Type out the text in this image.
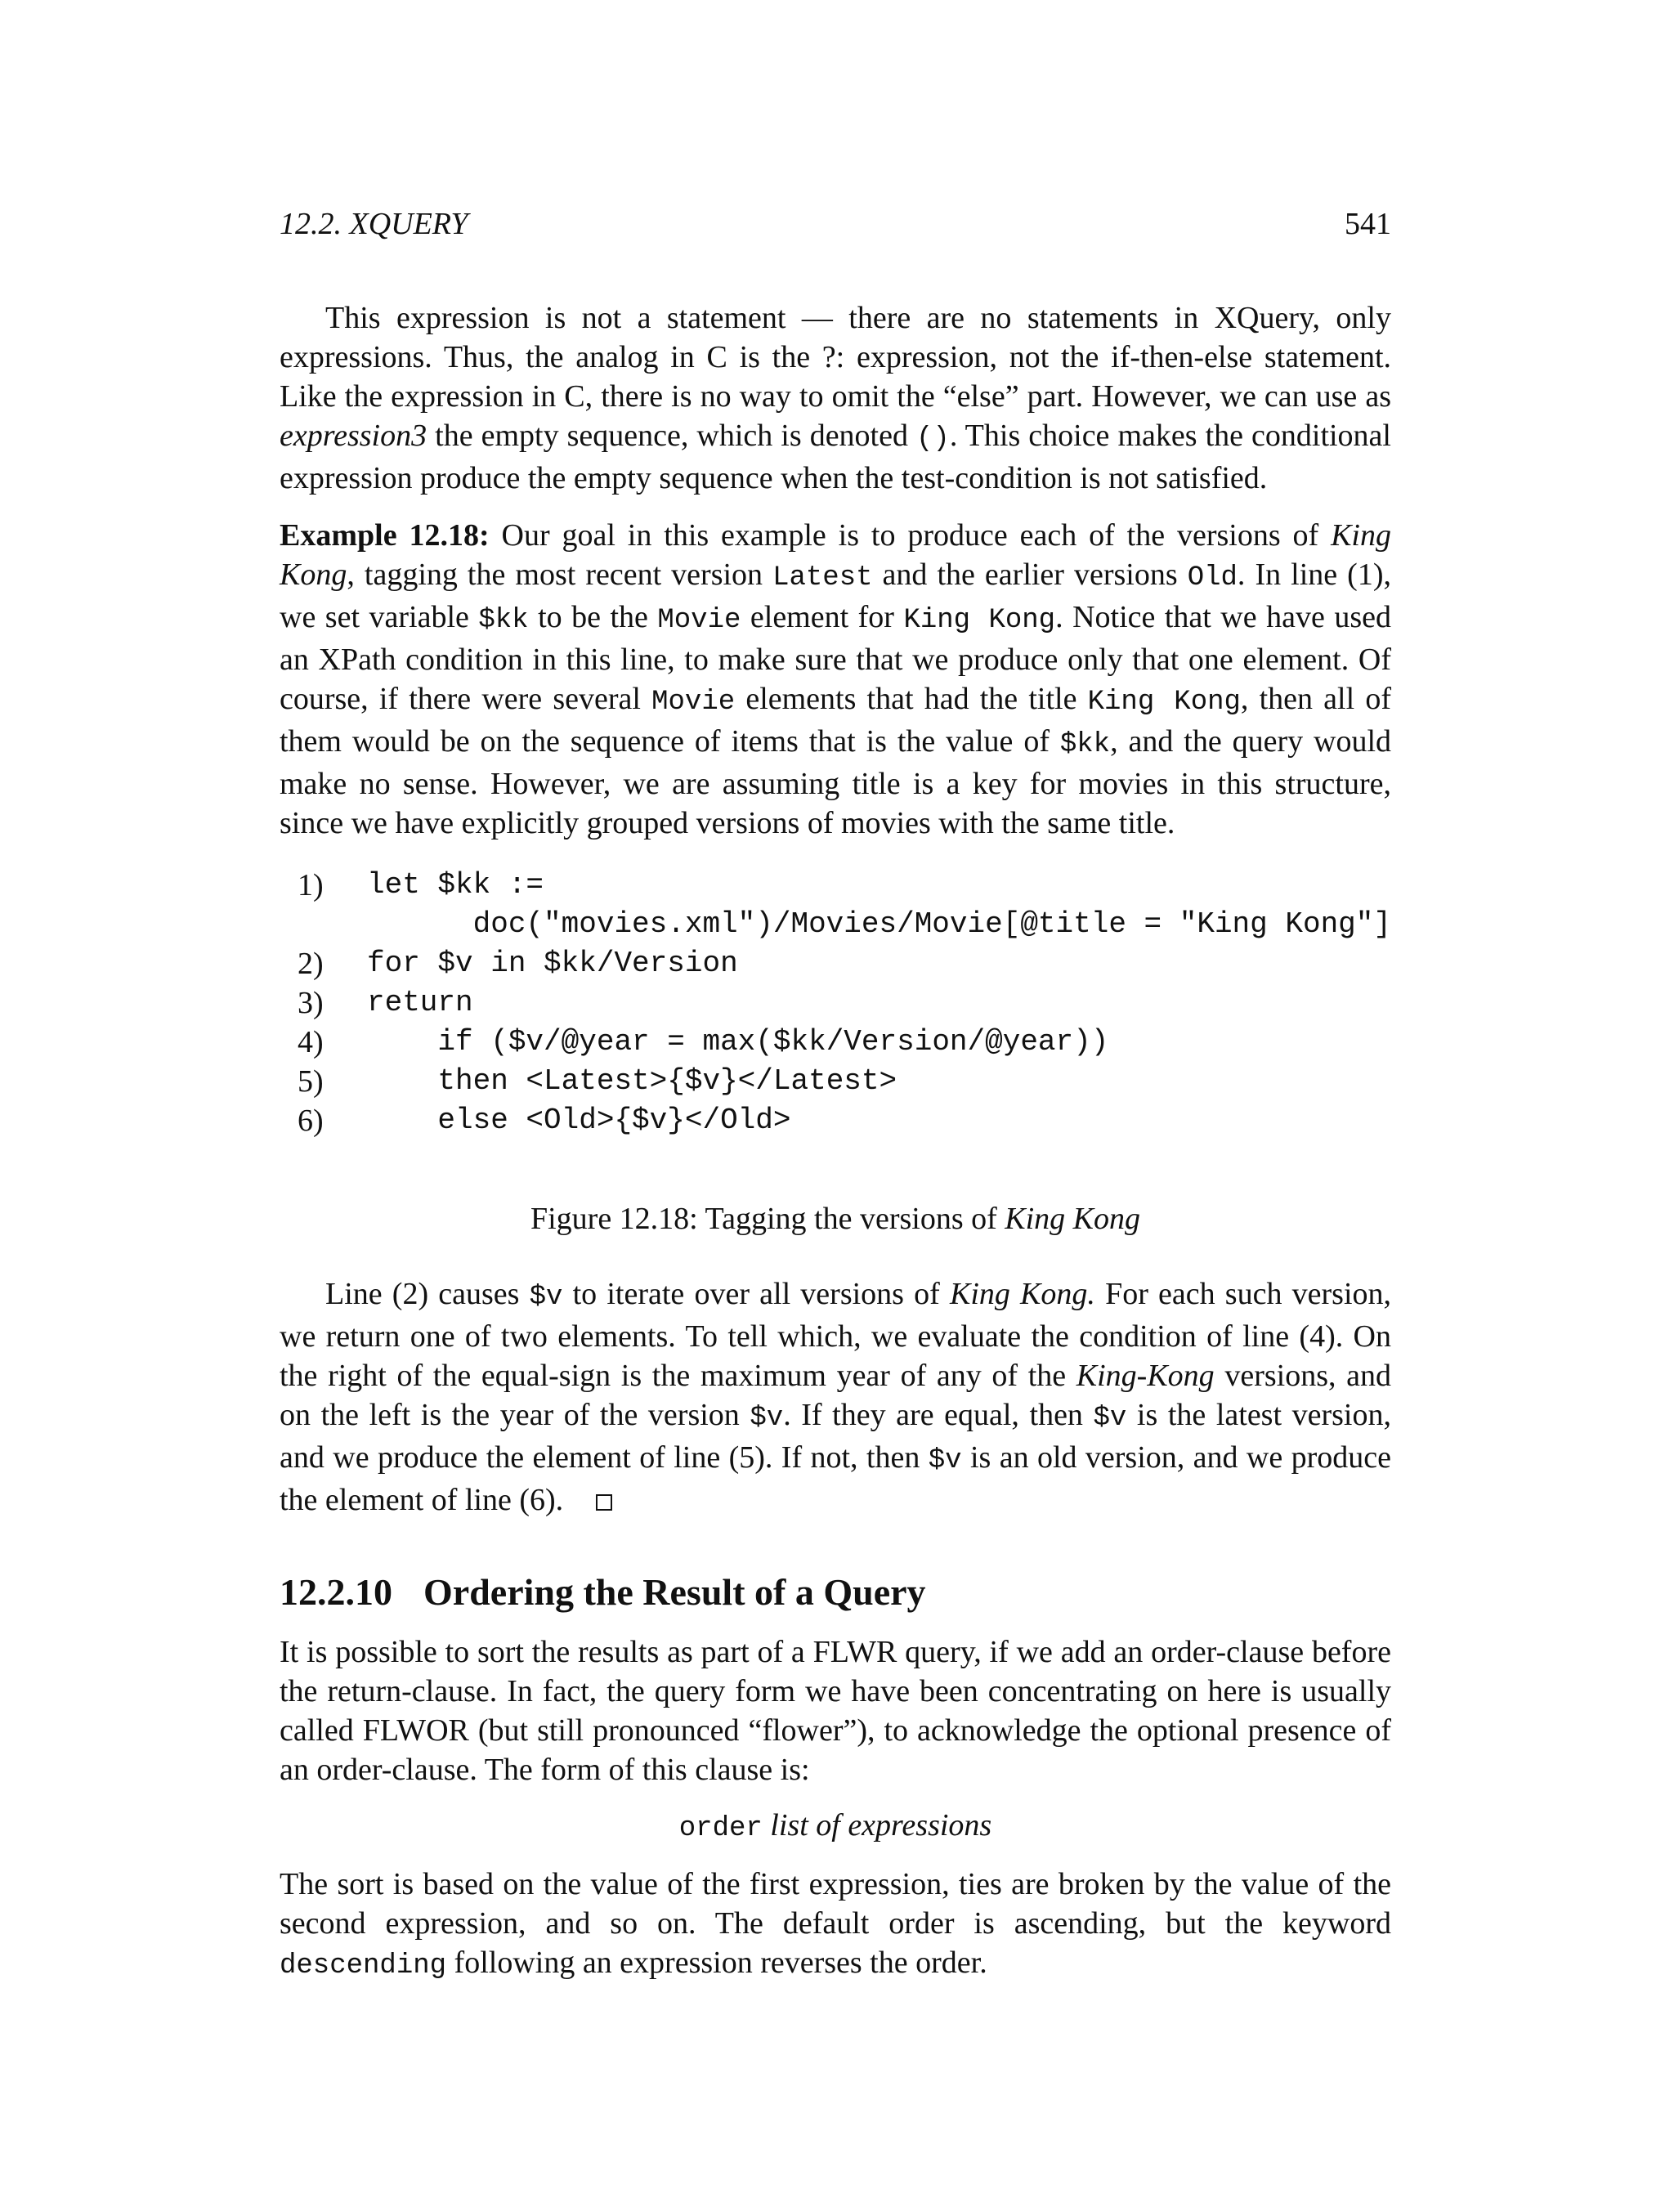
12.2. XQUERY	541

This expression is not a statement — there are no statements in XQuery, only expressions. Thus, the analog in C is the ?: expression, not the if-then-else statement. Like the expression in C, there is no way to omit the “else” part. However, we can use as expression3 the empty sequence, which is denoted (). This choice makes the conditional expression produce the empty sequence when the test-condition is not satisfied.

Example 12.18: Our goal in this example is to produce each of the versions of King Kong, tagging the most recent version Latest and the earlier versions Old. In line (1), we set variable $kk to be the Movie element for King Kong. Notice that we have used an XPath condition in this line, to make sure that we produce only that one element. Of course, if there were several Movie elements that had the title King Kong, then all of them would be on the sequence of items that is the value of $kk, and the query would make no sense. However, we are assuming title is a key for movies in this structure, since we have explicitly grouped versions of movies with the same title.

1)	let $kk :=
doc("movies.xml")/Movies/Movie[@title = "King Kong"]
2)	for $v in $kk/Version
3)	return
4)	if ($v/@year = max($kk/Version/@year))
5)	then <Latest>{$v}</Latest>
6)	else <Old>{$v}</Old>

Figure 12.18: Tagging the versions of King Kong

Line (2) causes $v to iterate over all versions of King Kong. For each such version, we return one of two elements. To tell which, we evaluate the condition of line (4). On the right of the equal-sign is the maximum year of any of the King-Kong versions, and on the left is the year of the version $v. If they are equal, then $v is the latest version, and we produce the element of line (5). If not, then $v is an old version, and we produce the element of line (6).

12.2.10 Ordering the Result of a Query

It is possible to sort the results as part of a FLWR query, if we add an order-clause before the return-clause. In fact, the query form we have been concentrating on here is usually called FLWOR (but still pronounced “flower”), to acknowledge the optional presence of an order-clause. The form of this clause is:

order list of expressions

The sort is based on the value of the first expression, ties are broken by the value of the second expression, and so on. The default order is ascending, but the keyword descending following an expression reverses the order.
